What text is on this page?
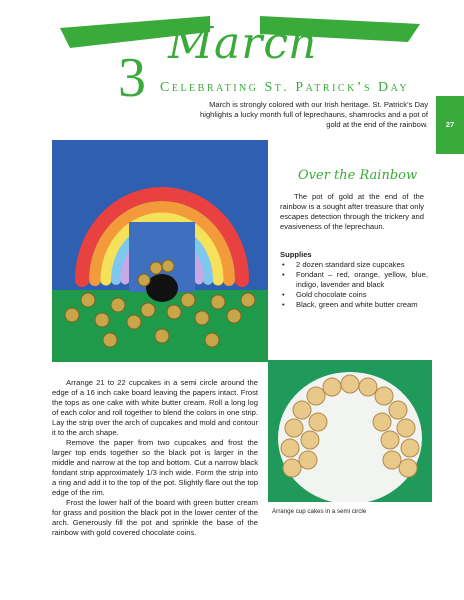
3
March
Celebrating St. Patrick’s Day
March is strongly colored with our Irish heritage. St. Patrick’s Day highlights a lucky month full of leprechauns, shamrocks and a pot of gold at the end of the rainbow.	27
Over the Rainbow
The pot of gold at the end of the rainbow is a sought after treasure that only escapes detection through the trickery and evasiveness of the leprechaun.
Supplies
• 2 dozen standard size cupcakes
• Fondant – red, orange, yellow, blue, indigo, lavender and black
• Gold chocolate coins
• Black, green and white butter cream
Arrange cup cakes in a semi circle

Arrange 21 to 22 cupcakes in a semi circle around the edge of a 16 inch cake board leaving the papers intact. Frost the tops as one cake with white butter cream. Roll a long log of each color and roll together to blend the colors in one strip. Lay the strip over the arch of cupcakes and mold and contour it to the arch shape.

Remove the paper from two cupcakes and frost the larger top ends together so the black pot is larger in the middle and narrow at the top and bottom. Cut a narrow black fondant strip approximately 1/3 inch wide. Form the strip into a ring and add it to the top of the pot. Slightly flare out the top edge of the rim.

Frost the lower half of the board with green butter cream for grass and position the black pot in the lower center of the arch. Generously fill the pot and sprinkle the base of the rainbow with gold covered chocolate coins.
